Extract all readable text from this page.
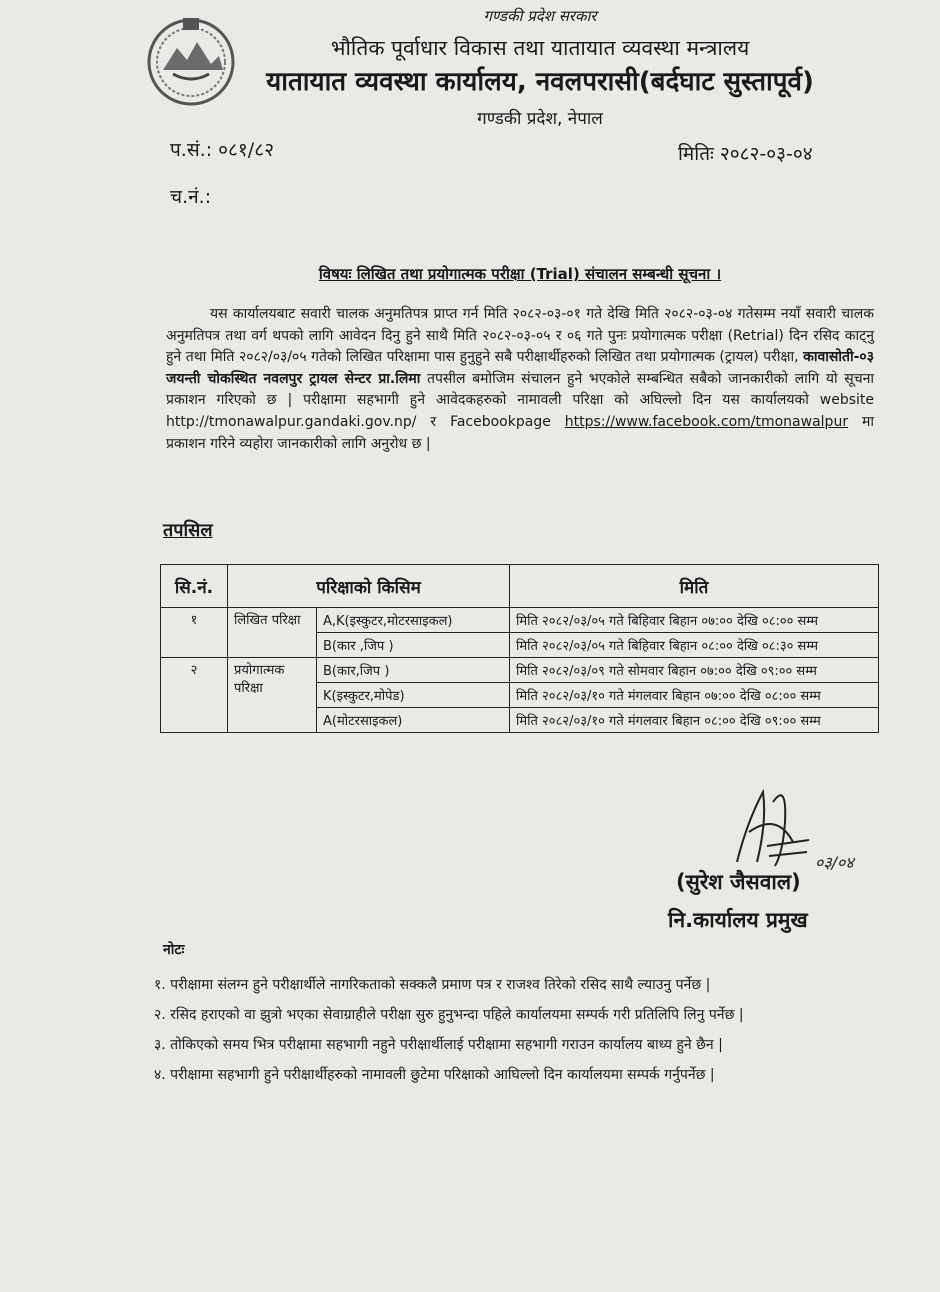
गण्डकी प्रदेश सरकार
भौतिक पूर्वाधार विकास तथा यातायात व्यवस्था मन्त्रालय
यातायात व्यवस्था कार्यालय, नवलपरासी(बर्दघाट सुस्तापूर्व)
गण्डकी प्रदेश, नेपाल
प.सं.: ०८१/८२	मितिः २०८२-०३-०४
च.नं.:
विषयः लिखित तथा प्रयोगात्मक परीक्षा (Trial) संचालन सम्बन्धी सूचना ।
यस कार्यालयबाट सवारी चालक अनुमतिपत्र प्राप्त गर्न मिति २०८२-०३-०१ गते देखि मिति २०८२-०३-०४ गतेसम्म नयाँ सवारी चालक अनुमतिपत्र तथा वर्ग थपको लागि आवेदन दिनु हुने साथै मिति २०८२-०३-०५ र ०६ गते पुनः प्रयोगात्मक परीक्षा (Retrial) दिन रसिद काट्नु हुने तथा मिति २०८२/०३/०५ गतेको लिखित परिक्षामा पास हुनुहुने सबै परीक्षार्थीहरुको लिखित तथा प्रयोगात्मक (ट्रायल) परीक्षा, कावासोती-०३ जयन्ती चोकस्थित नवलपुर ट्रायल सेन्टर प्रा.लिमा तपसील बमोजिम संचालन हुने भएकोले सम्बन्धित सबैको जानकारीको लागि यो सूचना प्रकाशन गरिएको छ | परीक्षामा सहभागी हुने आवेदकहरुको नामावली परिक्षा को अघिल्लो दिन यस कार्यालयको website http://tmonawalpur.gandaki.gov.np/ र Facebookpage https://www.facebook.com/tmonawalpur मा प्रकाशन गरिने व्यहोरा जानकारीको लागि अनुरोध छ |
तपसिल
सि.नं.	परिक्षाको किसिम		मिति
१	लिखित परिक्षा	A,K(इस्कुटर,मोटरसाइकल)	मिति २०८२/०३/०५ गते बिहिवार बिहान ०७:०० देखि ०८:०० सम्म
		B(कार ,जिप )	मिति २०८२/०३/०५ गते बिहिवार बिहान ०८:०० देखि ०८:३० सम्म
२	प्रयोगात्मक परिक्षा	B(कार,जिप )	मिति २०८२/०३/०९ गते सोमवार बिहान ०७:०० देखि ०९:०० सम्म
		K(इस्कुटर,मोपेड)	मिति २०८२/०३/१० गते मंगलवार बिहान ०७:०० देखि ०८:०० सम्म
		A(मोटरसाइकल)	मिति २०८२/०३/१० गते मंगलवार बिहान ०८:०० देखि ०९:०० सम्म
०३/०४
(सुरेश जैसवाल)
नि.कार्यालय प्रमुख
नोटः
१. परीक्षामा संलग्न हुने परीक्षार्थीले नागरिकताको सक्कलै प्रमाण पत्र र राजश्व तिरेको रसिद साथै ल्याउनु पर्नेछ |
२. रसिद हराएको वा झुत्रो भएका सेवाग्राहीले परीक्षा सुरु हुनुभन्दा पहिले कार्यालयमा सम्पर्क गरी प्रतिलिपि लिनु पर्नेछ |
३. तोकिएको समय भित्र परीक्षामा सहभागी नहुने परीक्षार्थीलाई परीक्षामा सहभागी गराउन कार्यालय बाध्य हुने छैन |
४. परीक्षामा सहभागी हुने परीक्षार्थीहरुको नामावली छुटेमा परिक्षाको आघिल्लो दिन कार्यालयमा सम्पर्क गर्नुपर्नेछ |
